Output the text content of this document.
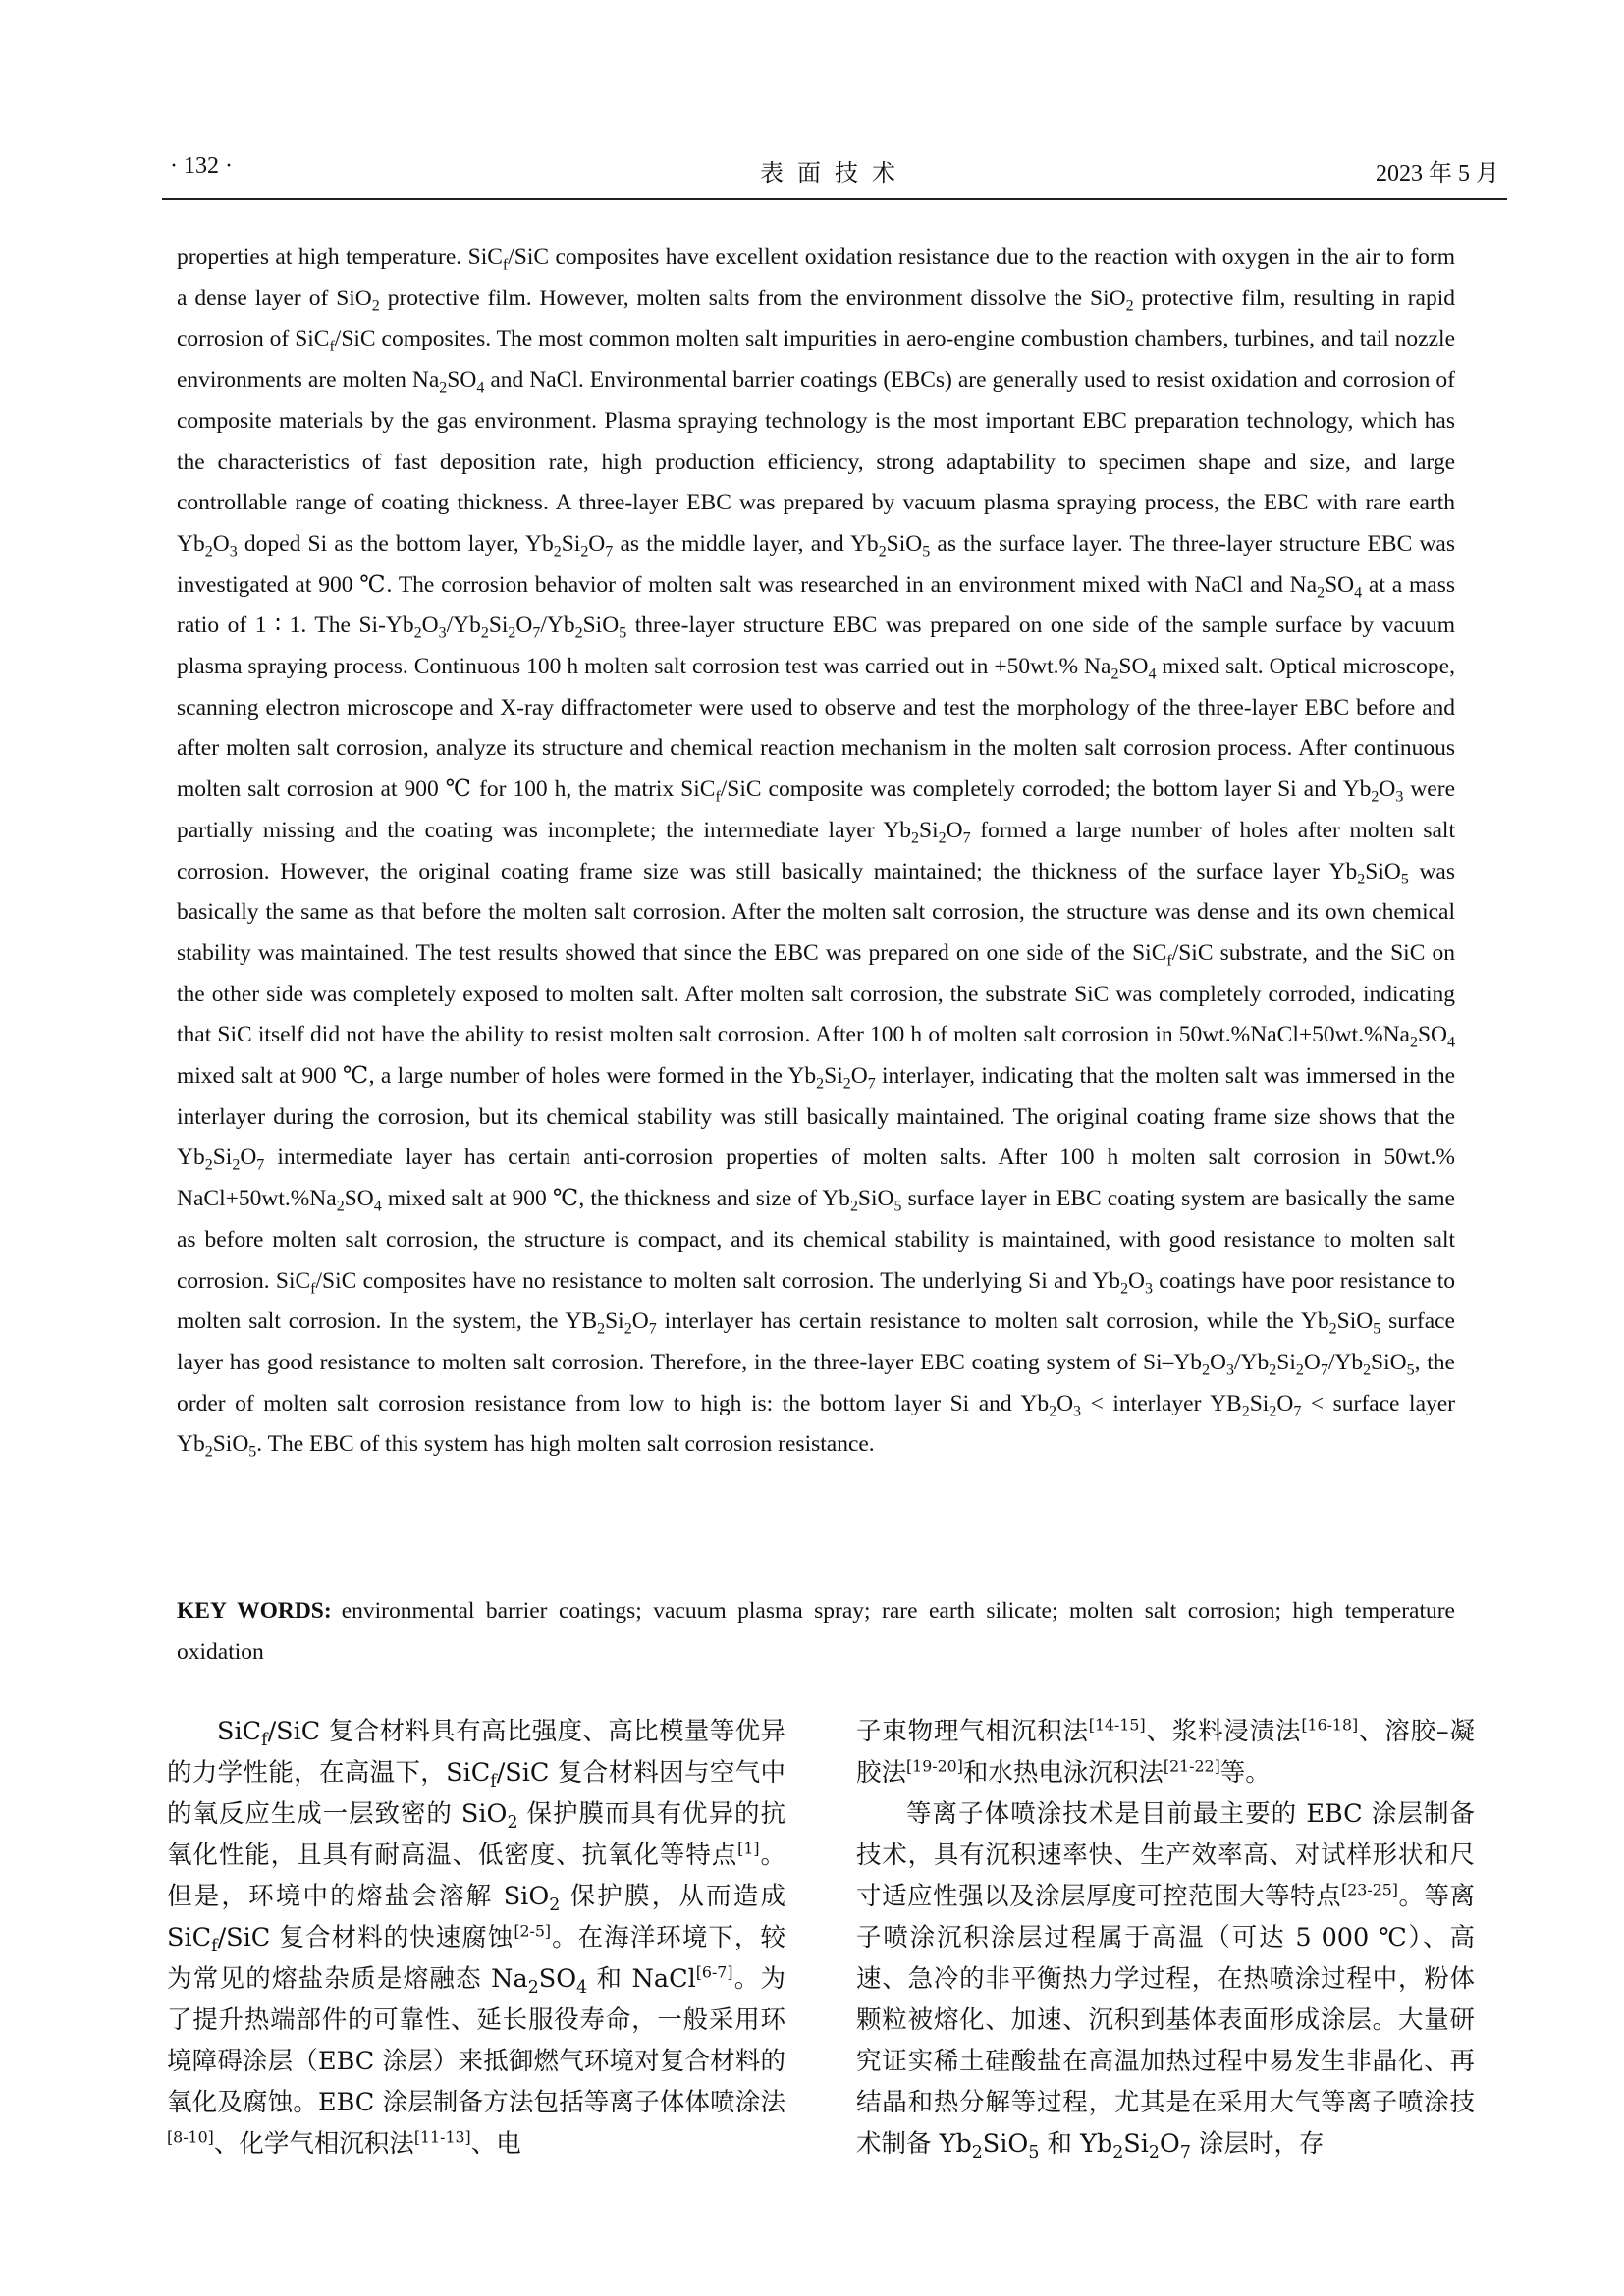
· 132 ·	表面技术	2023 年 5 月

properties at high temperature. SiC$_f$/SiC composites have excellent oxidation resistance due to the reaction with oxygen in the air to form a dense layer of SiO$_2$ protective film. However, molten salts from the environment dissolve the SiO$_2$ protective film, resulting in rapid corrosion of SiC$_f$/SiC composites. The most common molten salt impurities in aero-engine combustion chambers, turbines, and tail nozzle environments are molten $Na_2SO_4$ and NaCl. Environmental barrier coatings (EBCs) are generally used to resist oxidation and corrosion of composite materials by the gas environment. Plasma spraying technology is the most important EBC preparation technology, which has the characteristics of fast deposition rate, high production efficiency, strong adaptability to specimen shape and size, and large controllable range of coating thickness. A three-layer EBC was prepared by vacuum plasma spraying process, the EBC with rare earth $Yb_2O_3$ doped Si as the bottom layer, $Yb_2Si_2O_7$ as the middle layer, and $Yb_2SiO_5$ as the surface layer. The three-layer structure EBC was investigated at 900 ℃. The corrosion behavior of molten salt was researched in an environment mixed with NaCl and $Na_2SO_4$ at a mass ratio of 1 ∶ 1. The $Si-Yb_2O_3/Yb_2Si_2O_7/Yb_2SiO_5$ three-layer structure EBC was prepared on one side of the sample surface by vacuum plasma spraying process. Continuous 100 h molten salt corrosion test was carried out in +50wt.% $Na_2SO_4$ mixed salt. Optical microscope, scanning electron microscope and X-ray diffractometer were used to observe and test the morphology of the three-layer EBC before and after molten salt corrosion, analyze its structure and chemical reaction mechanism in the molten salt corrosion process. After continuous molten salt corrosion at 900 ℃ for 100 h, the matrix SiC$_f$/SiC composite was completely corroded; the bottom layer Si and $Yb_2O_3$ were partially missing and the coating was incomplete; the intermediate layer $Yb_2Si_2O_7$ formed a large number of holes after molten salt corrosion. However, the original coating frame size was still basically maintained; the thickness of the surface layer $Yb_2SiO_5$ was basically the same as that before the molten salt corrosion. After the molten salt corrosion, the structure was dense and its own chemical stability was maintained. The test results showed that since the EBC was prepared on one side of the SiC$_f$/SiC substrate, and the SiC on the other side was completely exposed to molten salt. After molten salt corrosion, the substrate SiC was completely corroded, indicating that SiC itself did not have the ability to resist molten salt corrosion. After 100 h of molten salt corrosion in $50wt.\%NaCl+50wt.\%Na_2SO_4$ mixed salt at 900 ℃, a large number of holes were formed in the $Yb_2Si_2O_7$ interlayer, indicating that the molten salt was immersed in the interlayer during the corrosion, but its chemical stability was still basically maintained. The original coating frame size shows that the $Yb_2Si_2O_7$ intermediate layer has certain anti-corrosion properties of molten salts. After 100 h molten salt corrosion in 50wt.% $NaCl+50wt.\%Na_2SO_4$ mixed salt at 900 ℃, the thickness and size of $Yb_2SiO_5$ surface layer in EBC coating system are basically the same as before molten salt corrosion, the structure is compact, and its chemical stability is maintained, with good resistance to molten salt corrosion. SiC$_f$/SiC composites have no resistance to molten salt corrosion. The underlying Si and $Yb_2O_3$ coatings have poor resistance to molten salt corrosion. In the system, the $YB_2Si_2O_7$ interlayer has certain resistance to molten salt corrosion, while the $Yb_2SiO_5$ surface layer has good resistance to molten salt corrosion. Therefore, in the three-layer EBC coating system of $Si-Yb_2O_3/Yb_2Si_2O_7/Yb_2SiO_5$, the order of molten salt corrosion resistance from low to high is: the bottom layer Si and $Yb_2O_3$ < interlayer $YB_2Si_2O_7$ < surface layer $Yb_2SiO_5$. The EBC of this system has high molten salt corrosion resistance.

KEY WORDS: environmental barrier coatings; vacuum plasma spray; rare earth silicate; molten salt corrosion; high temperature oxidation

SiC$_f$/SiC 复合材料具有高比强度、高比模量等优异的力学性能，在高温下，SiC$_f$/SiC 复合材料因与空气中的氧反应生成一层致密的 SiO$_2$ 保护膜而具有优异的抗氧化性能，且具有耐高温、低密度、抗氧化等特点[1]。但是，环境中的熔盐会溶解 SiO$_2$ 保护膜，从而造成 SiC$_f$/SiC 复合材料的快速腐蚀[2-5]。在海洋环境下，较为常见的熔盐杂质是熔融态 $Na_2SO_4$ 和 NaCl[6-7]。为了提升热端部件的可靠性、延长服役寿命，一般采用环境障碍涂层（EBC 涂层）来抵御燃气环境对复合材料的氧化及腐蚀。EBC 涂层制备方法包括等离子体体喷涂法[8-10]、化学气相沉积法[11-13]、电

子束物理气相沉积法[14-15]、浆料浸渍法[16-18]、溶胶–凝胶法[19-20]和水热电泳沉积法[21-22]等。

等离子体喷涂技术是目前最主要的 EBC 涂层制备技术，具有沉积速率快、生产效率高、对试样形状和尺寸适应性强以及涂层厚度可控范围大等特点[23-25]。等离子喷涂沉积涂层过程属于高温（可达 5 000 ℃）、高速、急冷的非平衡热力学过程，在热喷涂过程中，粉体颗粒被熔化、加速、沉积到基体表面形成涂层。大量研究证实稀土硅酸盐在高温加热过程中易发生非晶化、再结晶和热分解等过程，尤其是在采用大气等离子喷涂技术制备 $Yb_2SiO_5$ 和 $Yb_2Si_2O_7$ 涂层时，存
